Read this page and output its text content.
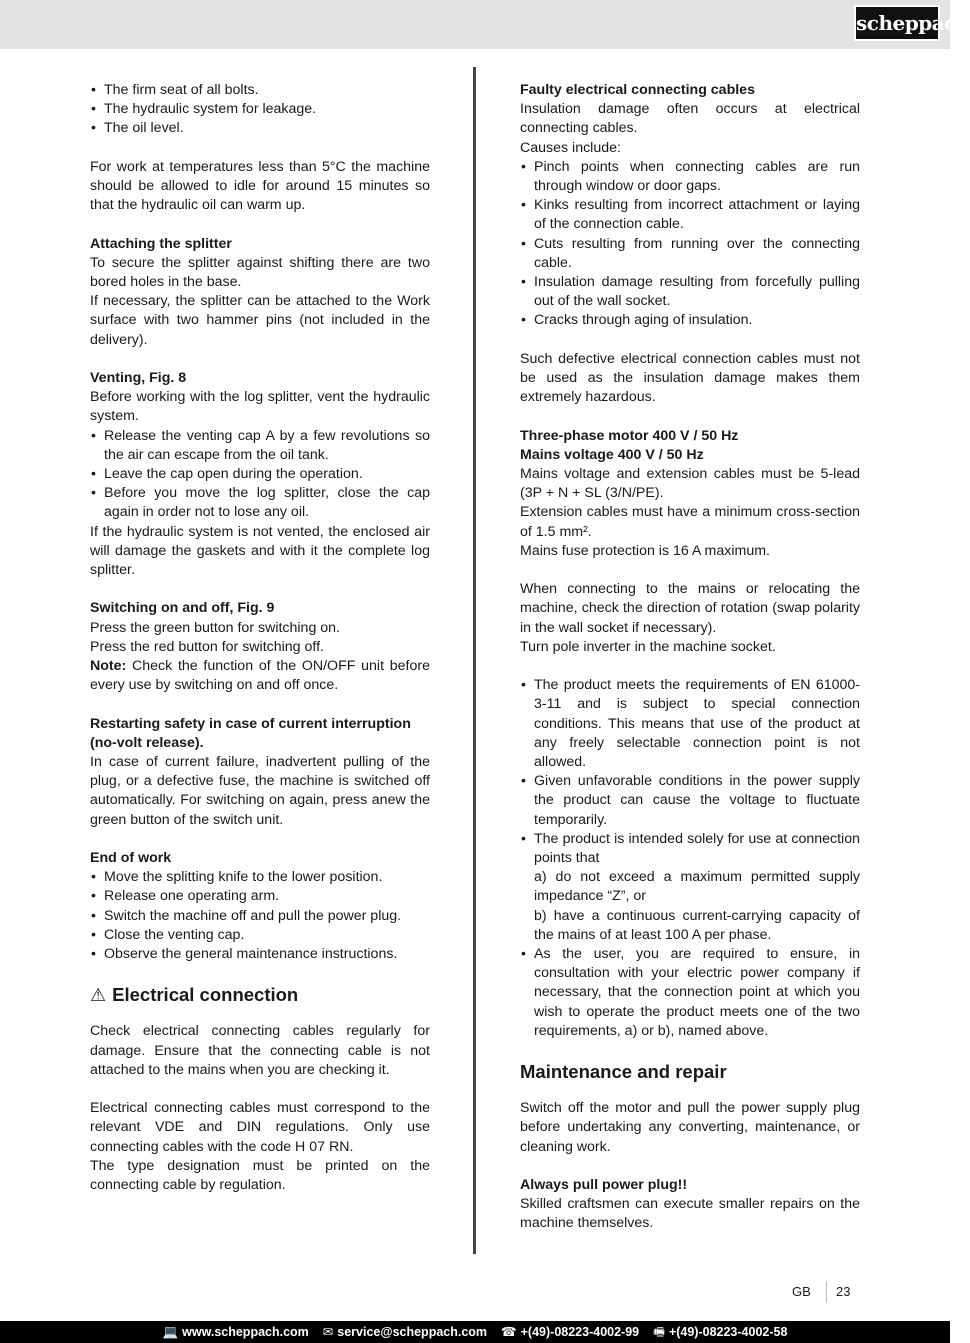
scheppach
• The firm seat of all bolts.
• The hydraulic system for leakage.
• The oil level.

For work at temperatures less than 5°C the machine should be allowed to idle for around 15 minutes so that the hydraulic oil can warm up.

Attaching the splitter

To secure the splitter against shifting there are two bored holes in the base.

If necessary, the splitter can be attached to the Work surface with two hammer pins (not included in the delivery).

Venting, Fig. 8

Before working with the log splitter, vent the hydraulic system.

• Release the venting cap A by a few revolutions so the air can escape from the oil tank.
• Leave the cap open during the operation.
• Before you move the log splitter, close the cap again in order not to lose any oil.

If the hydraulic system is not vented, the enclosed air will damage the gaskets and with it the complete log splitter.

Switching on and off, Fig. 9

Press the green button for switching on.

Press the red button for switching off.

Note: Check the function of the ON/OFF unit before every use by switching on and off once.

Restarting safety in case of current interruption (no-volt release).

In case of current failure, inadvertent pulling of the plug, or a defective fuse, the machine is switched off automatically. For switching on again, press anew the green button of the switch unit.

End of work
• Move the splitting knife to the lower position.
• Release one operating arm.
• Switch the machine off and pull the power plug.
• Close the venting cap.
• Observe the general maintenance instructions.
⚠ Electrical connection

Check electrical connecting cables regularly for damage. Ensure that the connecting cable is not attached to the mains when you are checking it.

Electrical connecting cables must correspond to the relevant VDE and DIN regulations. Only use connecting cables with the code H 07 RN.

The type designation must be printed on the connecting cable by regulation.

Faulty electrical connecting cables

Insulation damage often occurs at electrical connecting cables.

Causes include:

• Pinch points when connecting cables are run through window or door gaps.
• Kinks resulting from incorrect attachment or laying of the connection cable.
• Cuts resulting from running over the connecting cable.
• Insulation damage resulting from forcefully pulling out of the wall socket.
• Cracks through aging of insulation.

Such defective electrical connection cables must not be used as the insulation damage makes them extremely hazardous.

Three-phase motor 400 V / 50 Hz
Mains voltage 400 V / 50 Hz

Mains voltage and extension cables must be 5-lead (3P + N + SL (3/N/PE).

Extension cables must have a minimum cross-section of 1.5 mm².

Mains fuse protection is 16 A maximum.

When connecting to the mains or relocating the machine, check the direction of rotation (swap polarity in the wall socket if necessary).

Turn pole inverter in the machine socket.

• The product meets the requirements of EN 61000-3-11 and is subject to special connection conditions. This means that use of the product at any freely selectable connection point is not allowed.
• Given unfavorable conditions in the power supply the product can cause the voltage to fluctuate temporarily.
• The product is intended solely for use at connection points that
a) do not exceed a maximum permitted supply impedance “Z”, or
b) have a continuous current-carrying capacity of the mains of at least 100 A per phase.
• As the user, you are required to ensure, in consultation with your electric power company if necessary, that the connection point at which you wish to operate the product meets one of the two requirements, a) or b), named above.
Maintenance and repair

Switch off the motor and pull the power supply plug before undertaking any converting, maintenance, or cleaning work.

Always pull power plug!!

Skilled craftsmen can execute smaller repairs on the machine themselves.

GB 23
💻 www.scheppach.com ✉ service@scheppach.com ☎ +(49)-08223-4002-99 🖷 +(49)-08223-4002-58
